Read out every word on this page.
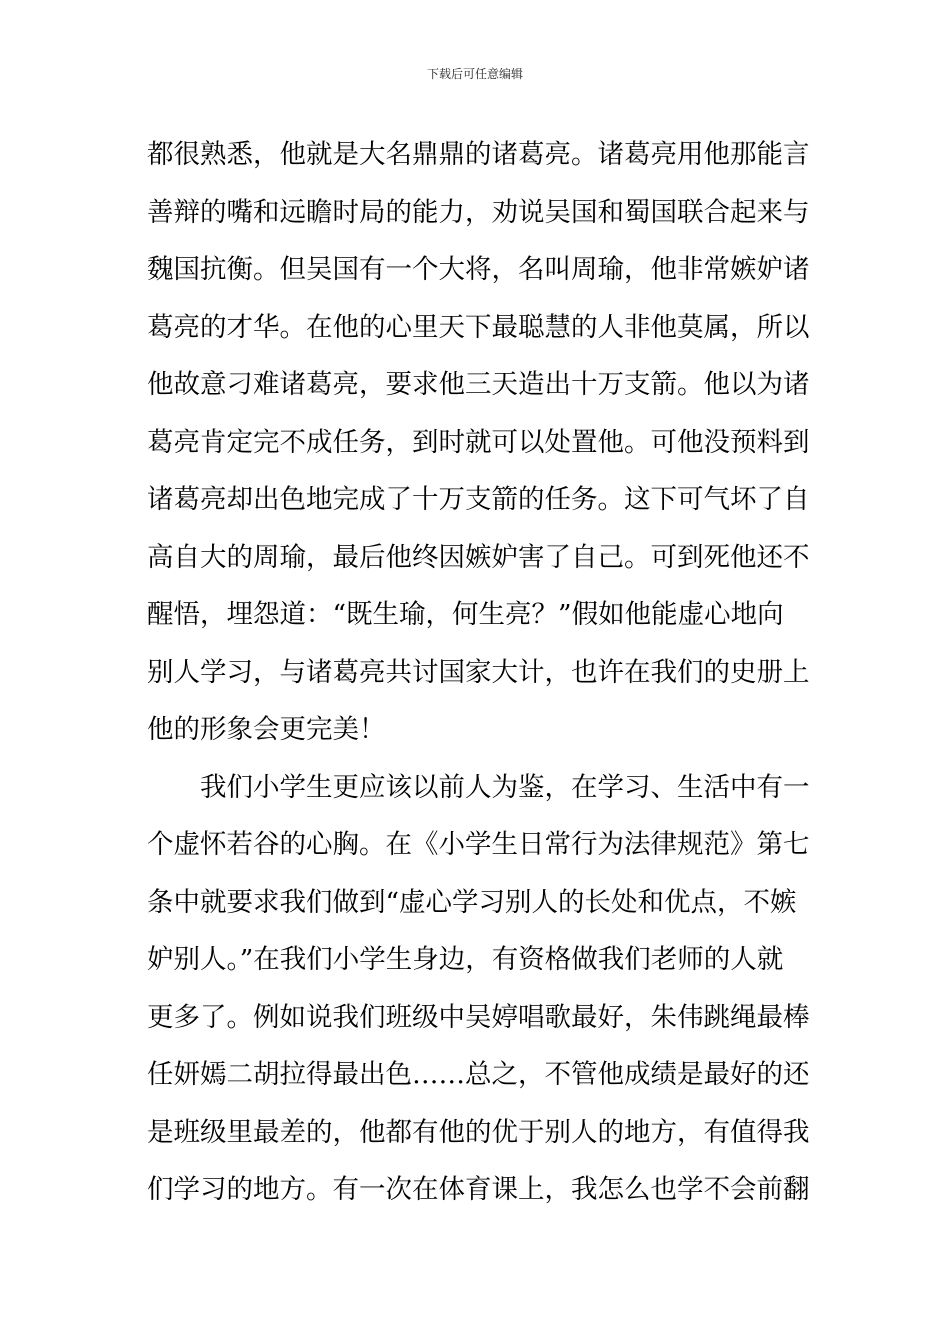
下载后可任意编辑
都很熟悉，他就是大名鼎鼎的诸葛亮。诸葛亮用他那能言
善辩的嘴和远瞻时局的能力，劝说吴国和蜀国联合起来与
魏国抗衡。但吴国有一个大将，名叫周瑜，他非常嫉妒诸
葛亮的才华。在他的心里天下最聪慧的人非他莫属，所以
他故意刁难诸葛亮，要求他三天造出十万支箭。他以为诸
葛亮肯定完不成任务，到时就可以处置他。可他没预料到
诸葛亮却出色地完成了十万支箭的任务。这下可气坏了自
高自大的周瑜，最后他终因嫉妒害了自己。可到死他还不
醒悟，埋怨道：“既生瑜，何生亮？”假如他能虚心地向
别人学习，与诸葛亮共讨国家大计，也许在我们的史册上
他的形象会更完美！
我们小学生更应该以前人为鉴，在学习、生活中有一
个虚怀若谷的心胸。在《小学生日常行为法律规范》第七
条中就要求我们做到“虚心学习别人的长处和优点，不嫉
妒别人。”在我们小学生身边，有资格做我们老师的人就
更多了。例如说我们班级中吴婷唱歌最好，朱伟跳绳最棒
任妍嫣二胡拉得最出色……总之，不管他成绩是最好的还
是班级里最差的，他都有他的优于别人的地方，有值得我
们学习的地方。有一次在体育课上，我怎么也学不会前翻
